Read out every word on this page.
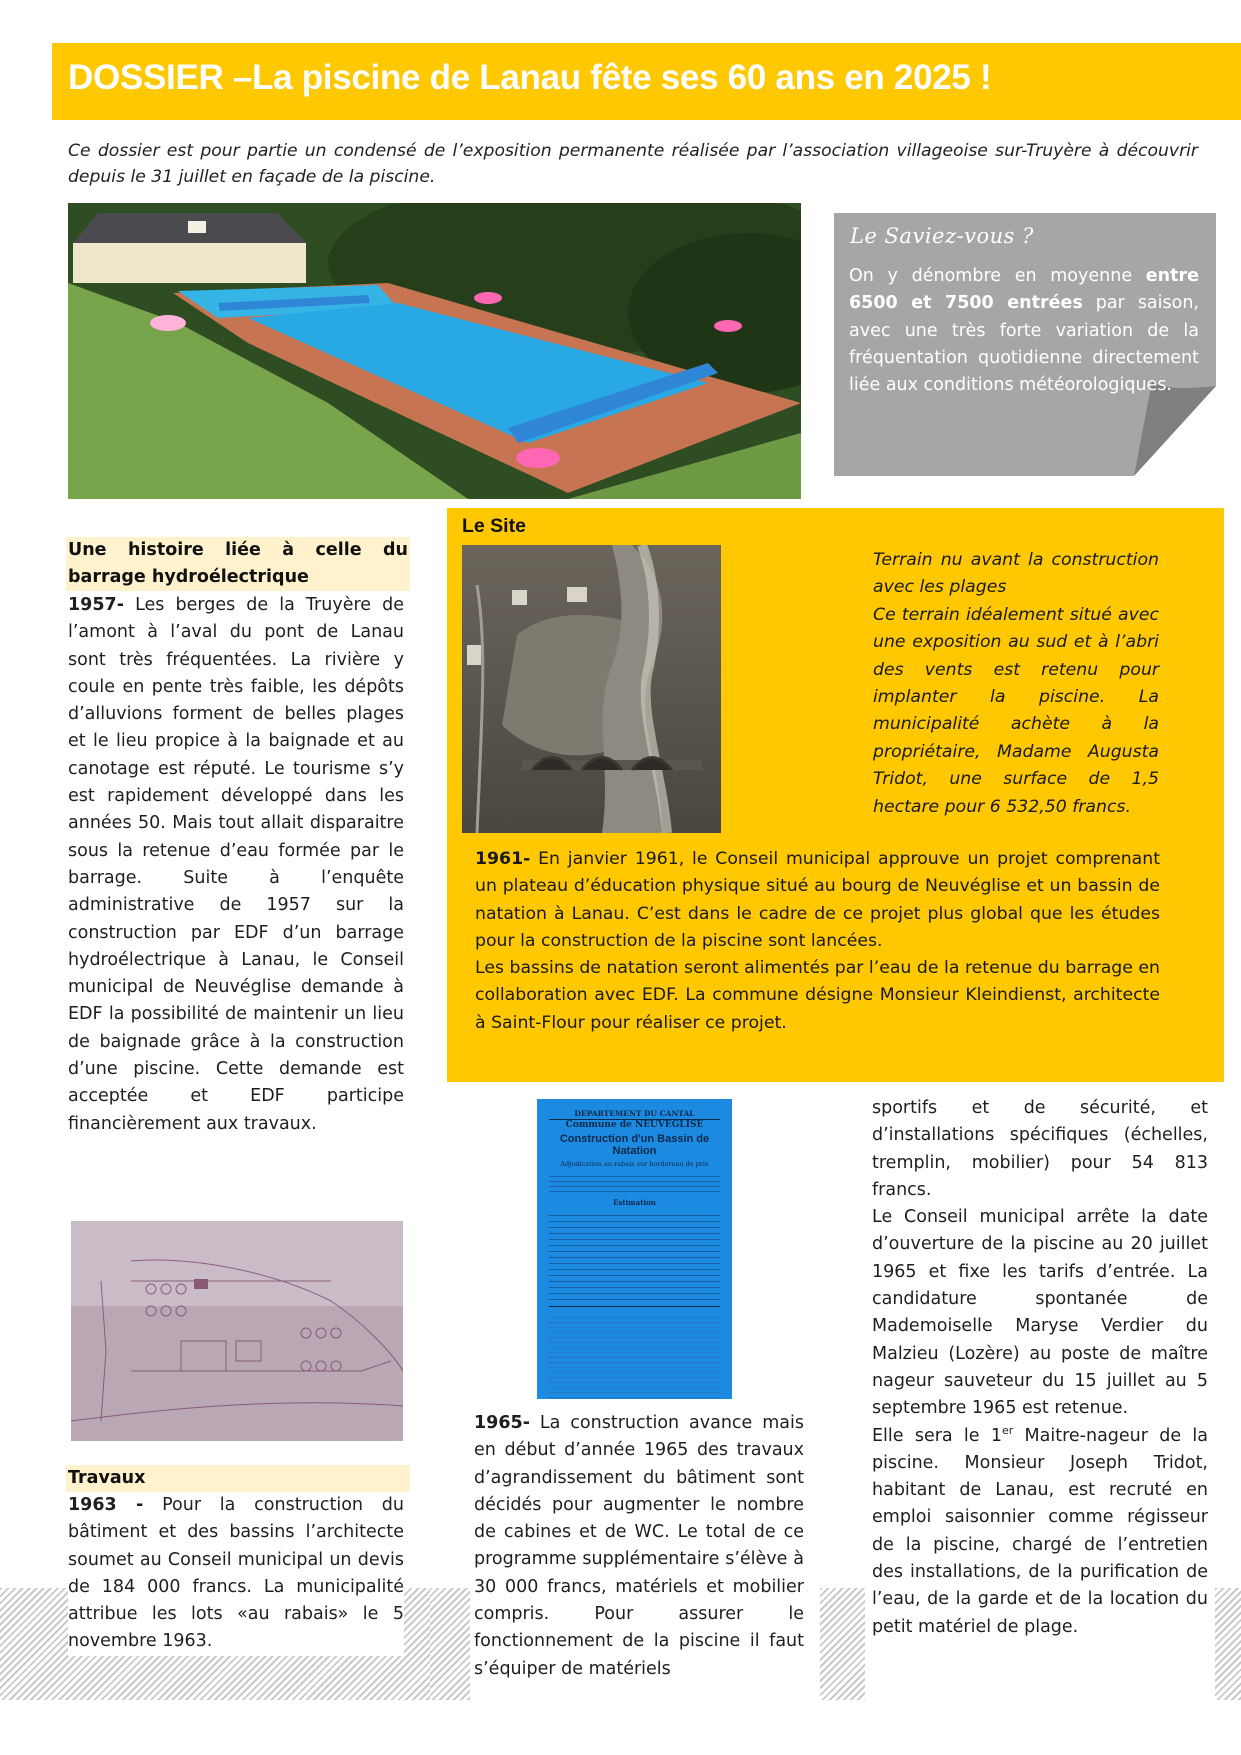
DOSSIER –La piscine de Lanau fête ses 60 ans en 2025 !
Ce dossier est pour partie un condensé de l’exposition permanente réalisée par l’association villageoise sur-Truyère à découvrir depuis le 31 juillet en façade de la piscine.
Le Saviez-vous ?
On y dénombre en moyenne entre 6500 et 7500 entrées par saison, avec une très forte variation de la fréquentation quotidienne directement liée aux conditions météorologiques.
Une histoire liée à celle du barrage hydroélectrique
1957- Les berges de la Truyère de l’amont à l’aval du pont de Lanau sont très fréquentées. La rivière y coule en pente très faible, les dépôts d’alluvions forment de belles plages et le lieu propice à la baignade et au canotage est réputé. Le tourisme s’y est rapidement développé dans les années 50. Mais tout allait disparaitre sous la retenue d’eau formée par le barrage. Suite à l’enquête administrative de 1957 sur la construction par EDF d’un barrage hydroélectrique à Lanau, le Conseil municipal de Neuvéglise demande à EDF la possibilité de maintenir un lieu de baignade grâce à la construction d’une piscine. Cette demande est acceptée et EDF participe financièrement aux travaux.
Travaux
1963 - Pour la construction du bâtiment et des bassins l’architecte soumet au Conseil municipal un devis de 184 000 francs. La municipalité attribue les lots «au rabais» le 5 novembre 1963.
Le Site
Terrain nu avant la construction avec les plages
Ce terrain idéalement situé avec une exposition au sud et à l’abri des vents est retenu pour implanter la piscine. La municipalité achète à la propriétaire, Madame Augusta Tridot, une surface de 1,5 hectare pour 6 532,50 francs.
1961- En janvier 1961, le Conseil municipal approuve un projet comprenant un plateau d’éducation physique situé au bourg de Neuvéglise et un bassin de natation à Lanau. C’est dans le cadre de ce projet plus global que les études pour la construction de la piscine sont lancées.
Les bassins de natation seront alimentés par l’eau de la retenue du barrage en collaboration avec EDF. La commune désigne Monsieur Kleindienst, architecte à Saint-Flour pour réaliser ce projet.
DEPARTEMENT DU CANTAL
Commune de NEUVEGLISE
Construction d'un Bassin de Natation
Adjudication au rabais sur bordereau de prix
Estimation
1965- La construction avance mais en début d’année 1965 des travaux d’agrandissement du bâtiment sont décidés pour augmenter le nombre de cabines et de WC. Le total de ce programme supplémentaire s’élève à 30 000 francs, matériels et mobilier compris. Pour assurer le fonctionnement de la piscine il faut s’équiper de matériels
sportifs et de sécurité, et d’installations spécifiques (échelles, tremplin, mobilier) pour 54 813 francs.
Le Conseil municipal arrête la date d’ouverture de la piscine au 20 juillet 1965 et fixe les tarifs d’entrée. La candidature spontanée de Mademoiselle Maryse Verdier du Malzieu (Lozère) au poste de maître nageur sauveteur du 15 juillet au 5 septembre 1965 est retenue.
Elle sera le 1er Maitre-nageur de la piscine. Monsieur Joseph Tridot, habitant de Lanau, est recruté en emploi saisonnier comme régisseur de la piscine, chargé de l’entretien des installations, de la purification de l’eau, de la garde et de la location du petit matériel de plage.
